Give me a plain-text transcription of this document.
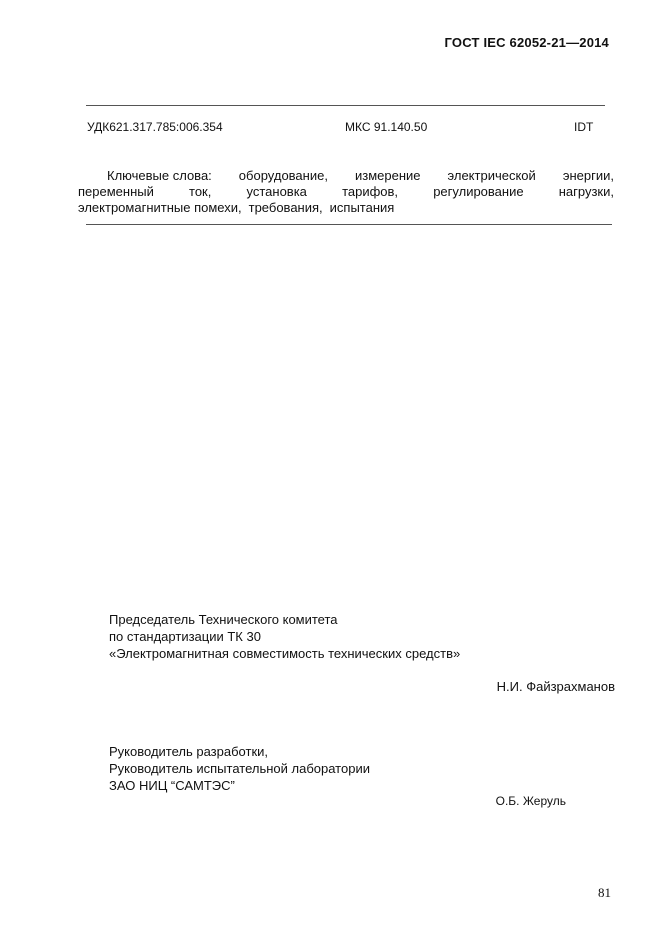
ГОСТ IEC 62052-21—2014
УДК621.317.785:006.354	МКС 91.140.50	IDT
Ключевые слова: оборудование, измерение электрической энергии,
переменный	ток,	установка	тарифов,	регулирование	нагрузки,
электромагнитные помехи, требования, испытания
Председатель Технического комитета
по стандартизации ТК 30
«Электромагнитная совместимость технических средств»
Н.И. Файзрахманов
Руководитель разработки,
Руководитель испытательной лаборатории
ЗАО НИЦ “САМТЭС”
О.Б. Жеруль
81
